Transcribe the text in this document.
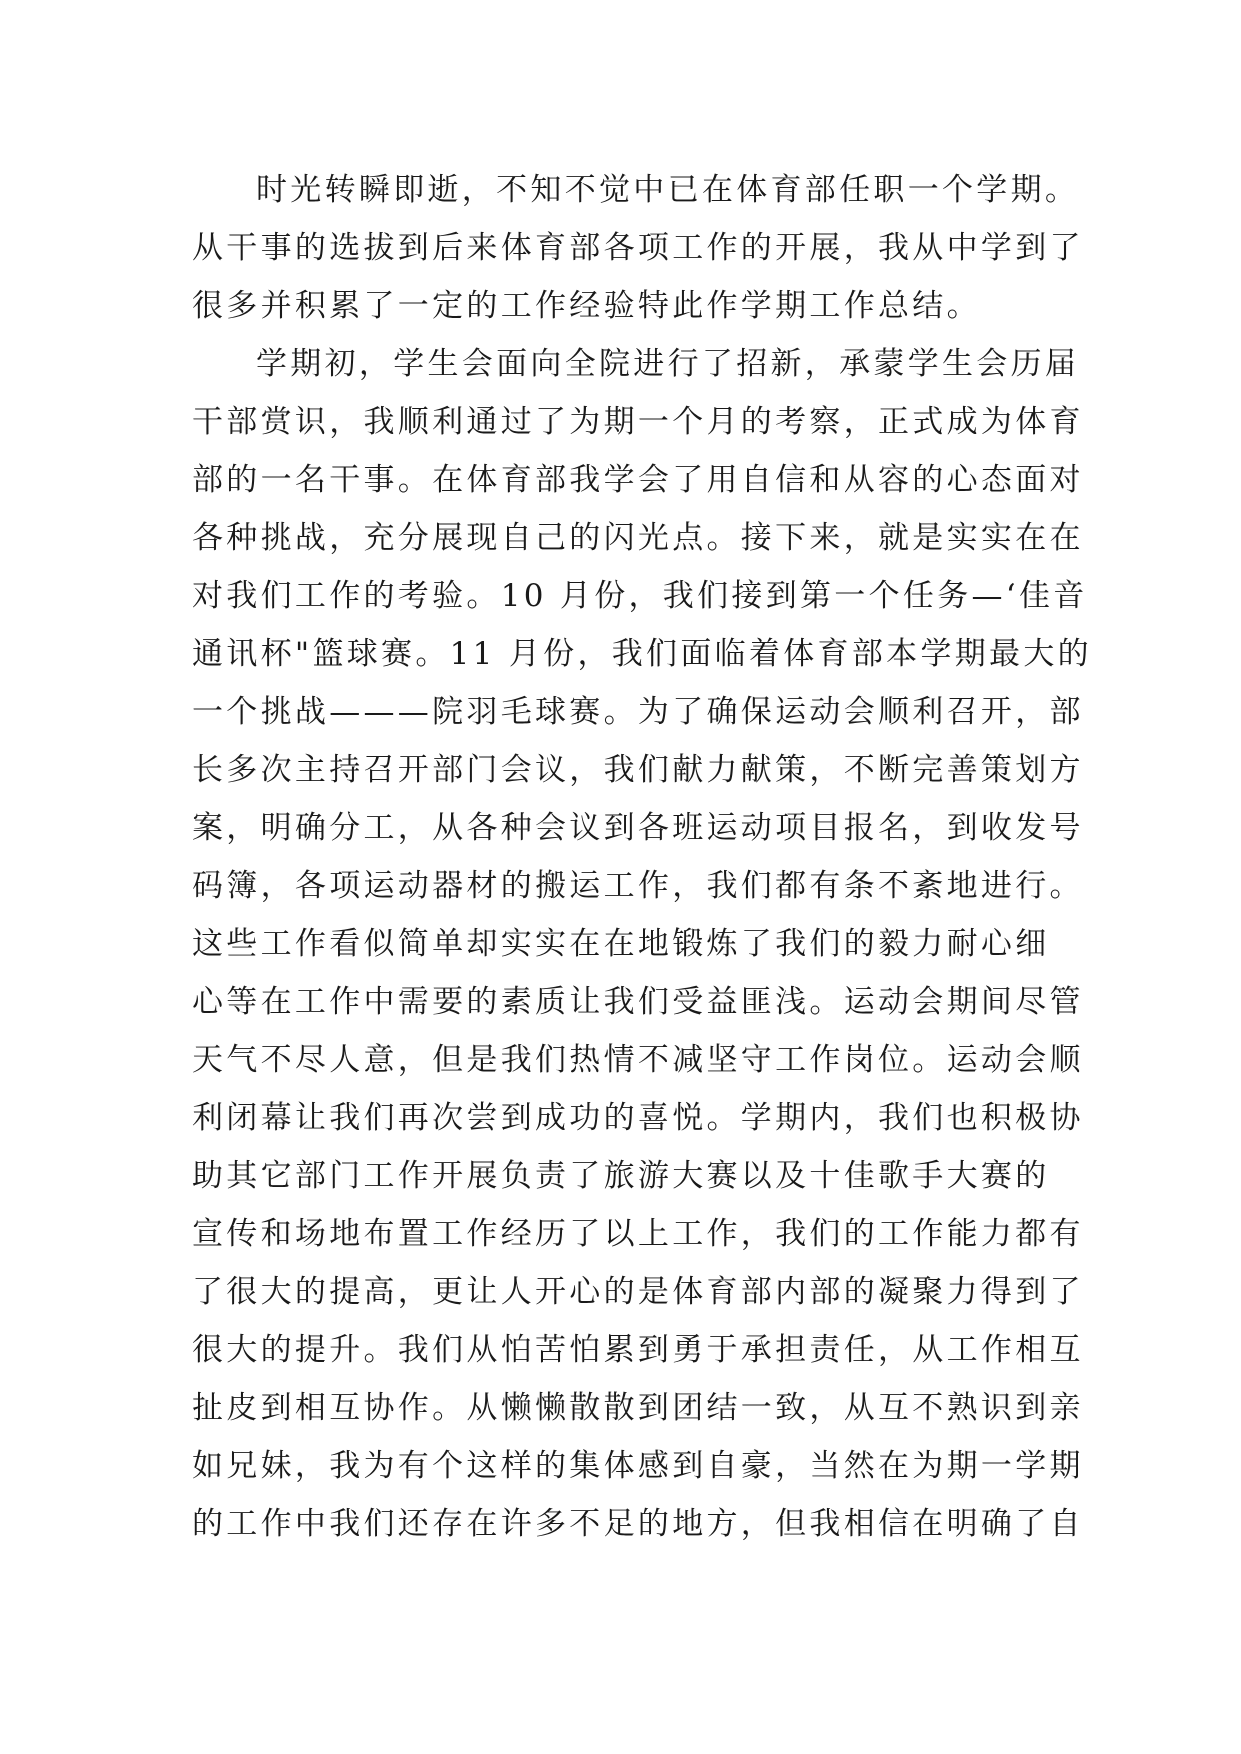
时光转瞬即逝，不知不觉中已在体育部任职一个学期。

从干事的选拔到后来体育部各项工作的开展，我从中学到了

很多并积累了一定的工作经验特此作学期工作总结。

学期初，学生会面向全院进行了招新，承蒙学生会历届

干部赏识，我顺利通过了为期一个月的考察，正式成为体育

部的一名干事。在体育部我学会了用自信和从容的心态面对

各种挑战，充分展现自己的闪光点。接下来，就是实实在在

对我们工作的考验。10 月份，我们接到第一个任务—‘佳音

通讯杯"篮球赛。11 月份，我们面临着体育部本学期最大的

一个挑战———院羽毛球赛。为了确保运动会顺利召开，部

长多次主持召开部门会议，我们献力献策，不断完善策划方

案，明确分工，从各种会议到各班运动项目报名，到收发号

码簿，各项运动器材的搬运工作，我们都有条不紊地进行。

这些工作看似简单却实实在在地锻炼了我们的毅力耐心细

心等在工作中需要的素质让我们受益匪浅。运动会期间尽管

天气不尽人意，但是我们热情不减坚守工作岗位。运动会顺

利闭幕让我们再次尝到成功的喜悦。学期内，我们也积极协

助其它部门工作开展负责了旅游大赛以及十佳歌手大赛的

宣传和场地布置工作经历了以上工作，我们的工作能力都有

了很大的提高，更让人开心的是体育部内部的凝聚力得到了

很大的提升。我们从怕苦怕累到勇于承担责任，从工作相互

扯皮到相互协作。从懒懒散散到团结一致，从互不熟识到亲

如兄妹，我为有个这样的集体感到自豪，当然在为期一学期

的工作中我们还存在许多不足的地方，但我相信在明确了自
